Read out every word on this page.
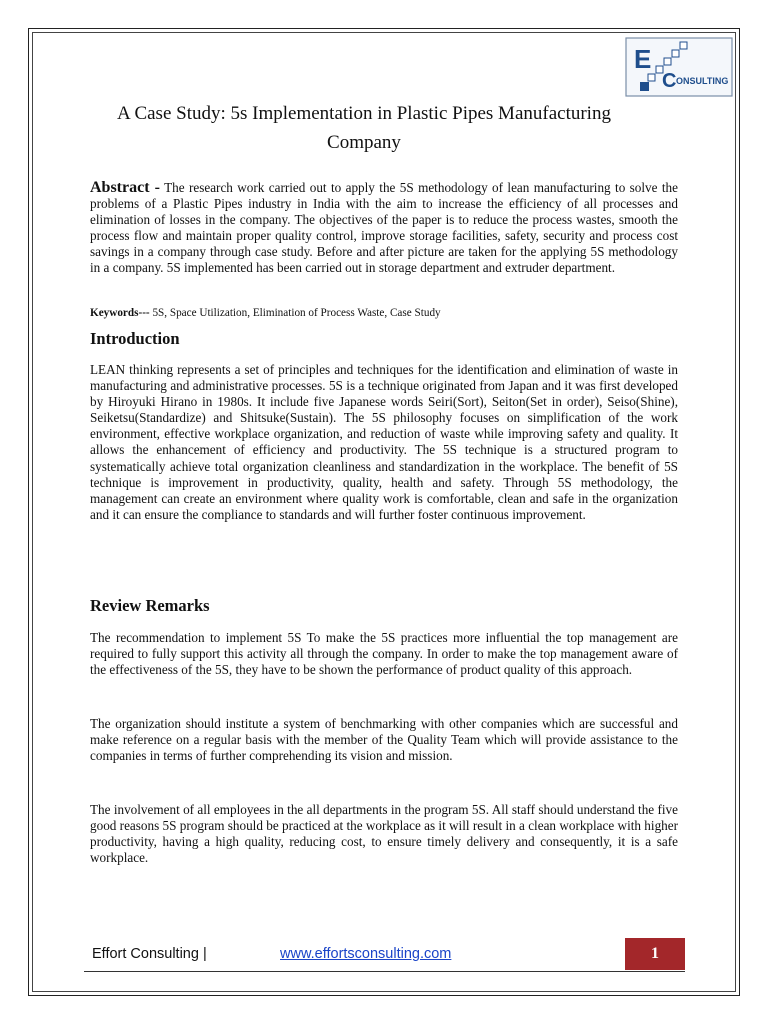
E
C ONSULTING
A Case Study: 5s Implementation in Plastic Pipes Manufacturing Company
Abstract - The research work carried out to apply the 5S methodology of lean manufacturing to solve the problems of a Plastic Pipes industry in India with the aim to increase the efficiency of all processes and elimination of losses in the company. The objectives of the paper is to reduce the process wastes, smooth the process flow and maintain proper quality control, improve storage facilities, safety, security and process cost savings in a company through case study. Before and after picture are taken for the applying 5S methodology in a company. 5S implemented has been carried out in storage department and extruder department.
Keywords--- 5S, Space Utilization, Elimination of Process Waste, Case Study
Introduction
LEAN thinking represents a set of principles and techniques for the identification and elimination of waste in manufacturing and administrative processes. 5S is a technique originated from Japan and it was first developed by Hiroyuki Hirano in 1980s. It include five Japanese words Seiri(Sort), Seiton(Set in order), Seiso(Shine), Seiketsu(Standardize) and Shitsuke(Sustain). The 5S philosophy focuses on simplification of the work environment, effective workplace organization, and reduction of waste while improving safety and quality. It allows the enhancement of efficiency and productivity. The 5S technique is a structured program to systematically achieve total organization cleanliness and standardization in the workplace. The benefit of 5S technique is improvement in productivity, quality, health and safety. Through 5S methodology, the management can create an environment where quality work is comfortable, clean and safe in the organization and it can ensure the compliance to standards and will further foster continuous improvement.
Review Remarks
The recommendation to implement 5S To make the 5S practices more influential the top management are required to fully support this activity all through the company. In order to make the top management aware of the effectiveness of the 5S, they have to be shown the performance of product quality of this approach.
The organization should institute a system of benchmarking with other companies which are successful and make reference on a regular basis with the member of the Quality Team which will provide assistance to the companies in terms of further comprehending its vision and mission.
The involvement of all employees in the all departments in the program 5S. All staff should understand the five good reasons 5S program should be practiced at the workplace as it will result in a clean workplace with higher productivity, having a high quality, reducing cost, to ensure timely delivery and consequently, it is a safe workplace.
Effort Consulting |	www.effortsconsulting.com	1
